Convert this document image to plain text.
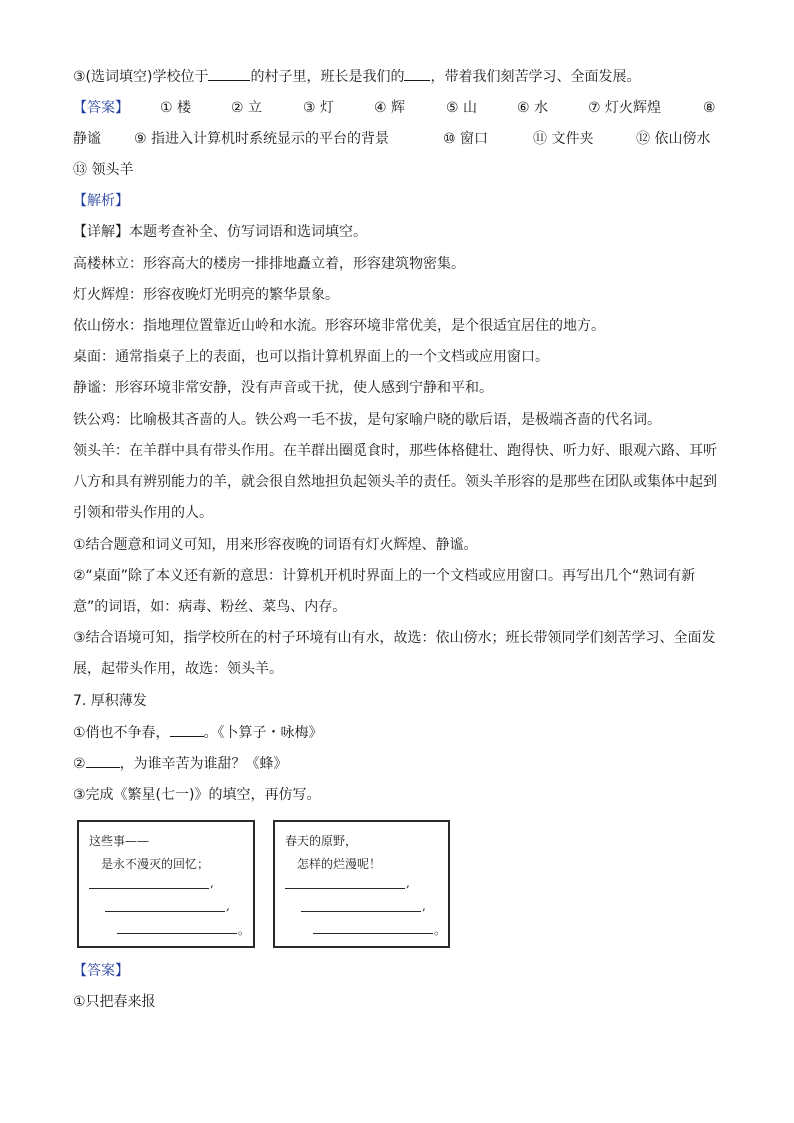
③(选词填空)学校位于	的村子里，班长是我们的 ，带着我们刻苦学习、全面发展。
【答案】	① 楼	② 立	③ 灯	④ 辉	⑤ 山	⑥ 水	⑦ 灯火辉煌	⑧
静谧 ⑨ 指进入计算机时系统显示的平台的背景	⑩ 窗口	⑪ 文件夹	⑫ 依山傍水
⑬ 领头羊
【解析】
【详解】本题考查补全、仿写词语和选词填空。
高楼林立：形容高大的楼房一排排地矗立着，形容建筑物密集。
灯火辉煌：形容夜晚灯光明亮的繁华景象。
依山傍水：指地理位置靠近山岭和水流。形容环境非常优美，是个很适宜居住的地方。
桌面：通常指桌子上的表面，也可以指计算机界面上的一个文档或应用窗口。
静谧：形容环境非常安静，没有声音或干扰，使人感到宁静和平和。
铁公鸡：比喻极其吝啬的人。铁公鸡一毛不拔，是句家喻户晓的歇后语，是极端吝啬的代名词。
领头羊：在羊群中具有带头作用。在羊群出圈觅食时，那些体格健壮、跑得快、听力好、眼观六路、耳听
八方和具有辨别能力的羊，就会很自然地担负起领头羊的责任。领头羊形容的是那些在团队或集体中起到
引领和带头作用的人。
①结合题意和词义可知，用来形容夜晚的词语有灯火辉煌、静谧。
②“桌面”除了本义还有新的意思：计算机开机时界面上的一个文档或应用窗口。再写出几个“熟词有新
意”的词语，如：病毒、粉丝、菜鸟、内存。
③结合语境可知，指学校所在的村子环境有山有水，故选：依山傍水；班长带领同学们刻苦学习、全面发
展，起带头作用，故选：领头羊。
7. 厚积薄发
①俏也不争春， 。《卜算子・咏梅》
② ，为谁辛苦为谁甜？《蜂》
③完成《繁星(七一)》的填空，再仿写。
这些事——
是永不漫灭的回忆；
,
,
。
春天的原野，
怎样的烂漫呢！
,
,
。
【答案】
①只把春来报
